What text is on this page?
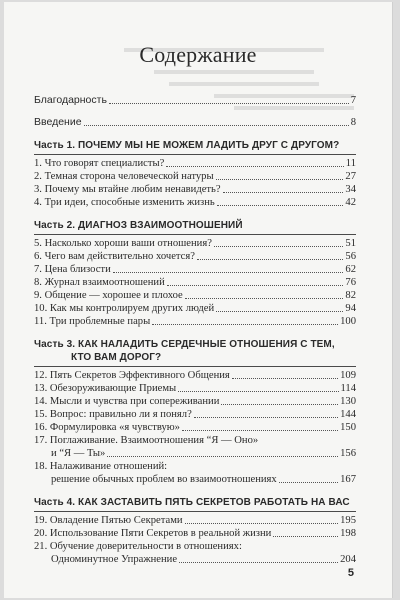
Содержание
Благодарность	7
Введение	8
Часть 1. ПОЧЕМУ МЫ НЕ МОЖЕМ ЛАДИТЬ ДРУГ С ДРУГОМ?
1. Что говорят специалисты?	11
2. Темная сторона человеческой натуры	27
3. Почему мы втайне любим ненавидеть?	34
4. Три идеи, способные изменить жизнь	42
Часть 2. ДИАГНОЗ ВЗАИМООТНОШЕНИЙ
5. Насколько хороши ваши отношения?	51
6. Чего вам действительно хочется?	56
7. Цена близости	62
8. Журнал взаимоотношений	76
9. Общение — хорошее и плохое	82
10. Как мы контролируем других людей	94
11. Три проблемные пары	100
Часть 3. КАК НАЛАДИТЬ СЕРДЕЧНЫЕ ОТНОШЕНИЯ С ТЕМ,
КТО ВАМ ДОРОГ?
12. Пять Секретов Эффективного Общения	109
13. Обезоруживающие Приемы	114
14. Мысли и чувства при сопереживании	130
15. Вопрос: правильно ли я понял?	144
16. Формулировка «я чувствую»	150
17. Поглаживание. Взаимоотношения “Я — Оно»
и “Я — Ты»	156
18. Налаживание отношений:
решение обычных проблем во взаимоотношениях	167
Часть 4. КАК ЗАСТАВИТЬ ПЯТЬ СЕКРЕТОВ РАБОТАТЬ НА ВАС
19. Овладение Пятью Секретами	195
20. Использование Пяти Секретов в реальной жизни	198
21. Обучение доверительности в отношениях:
Одноминутное Упражнение	204
5
